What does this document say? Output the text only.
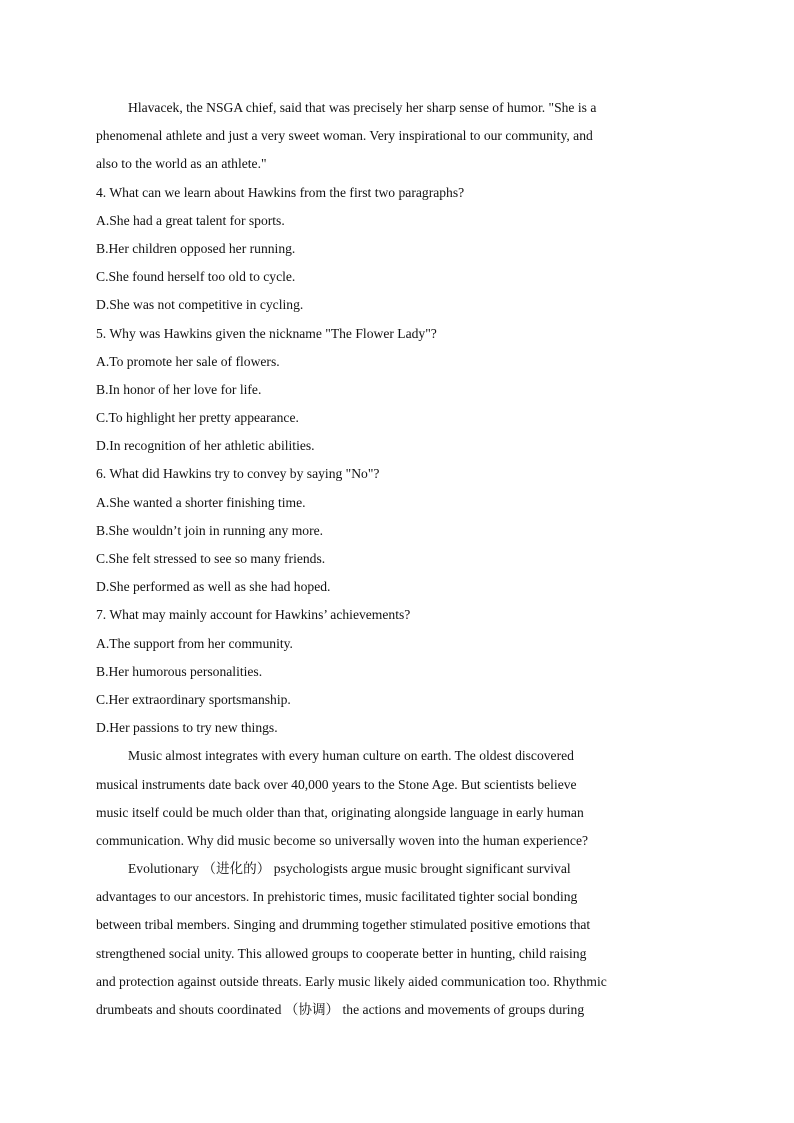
Hlavacek, the NSGA chief, said that was precisely her sharp sense of humor. "She is a
phenomenal athlete and just a very sweet woman. Very inspirational to our community, and
also to the world as an athlete."
4. What can we learn about Hawkins from the first two paragraphs?
A.She had a great talent for sports.
B.Her children opposed her running.
C.She found herself too old to cycle.
D.She was not competitive in cycling.
5. Why was Hawkins given the nickname "The Flower Lady"?
A.To promote her sale of flowers.
B.In honor of her love for life.
C.To highlight her pretty appearance.
D.In recognition of her athletic abilities.
6. What did Hawkins try to convey by saying "No"?
A.She wanted a shorter finishing time.
B.She wouldn’t join in running any more.
C.She felt stressed to see so many friends.
D.She performed as well as she had hoped.
7. What may mainly account for Hawkins’ achievements?
A.The support from her community.
B.Her humorous personalities.
C.Her extraordinary sportsmanship.
D.Her passions to try new things.
Music almost integrates with every human culture on earth. The oldest discovered
musical instruments date back over 40,000 years to the Stone Age. But scientists believe
music itself could be much older than that, originating alongside language in early human
communication. Why did music become so universally woven into the human experience?
Evolutionary （进化的） psychologists argue music brought significant survival
advantages to our ancestors. In prehistoric times, music facilitated tighter social bonding
between tribal members. Singing and drumming together stimulated positive emotions that
strengthened social unity. This allowed groups to cooperate better in hunting, child raising
and protection against outside threats. Early music likely aided communication too. Rhythmic
drumbeats and shouts coordinated （协调） the actions and movements of groups during
